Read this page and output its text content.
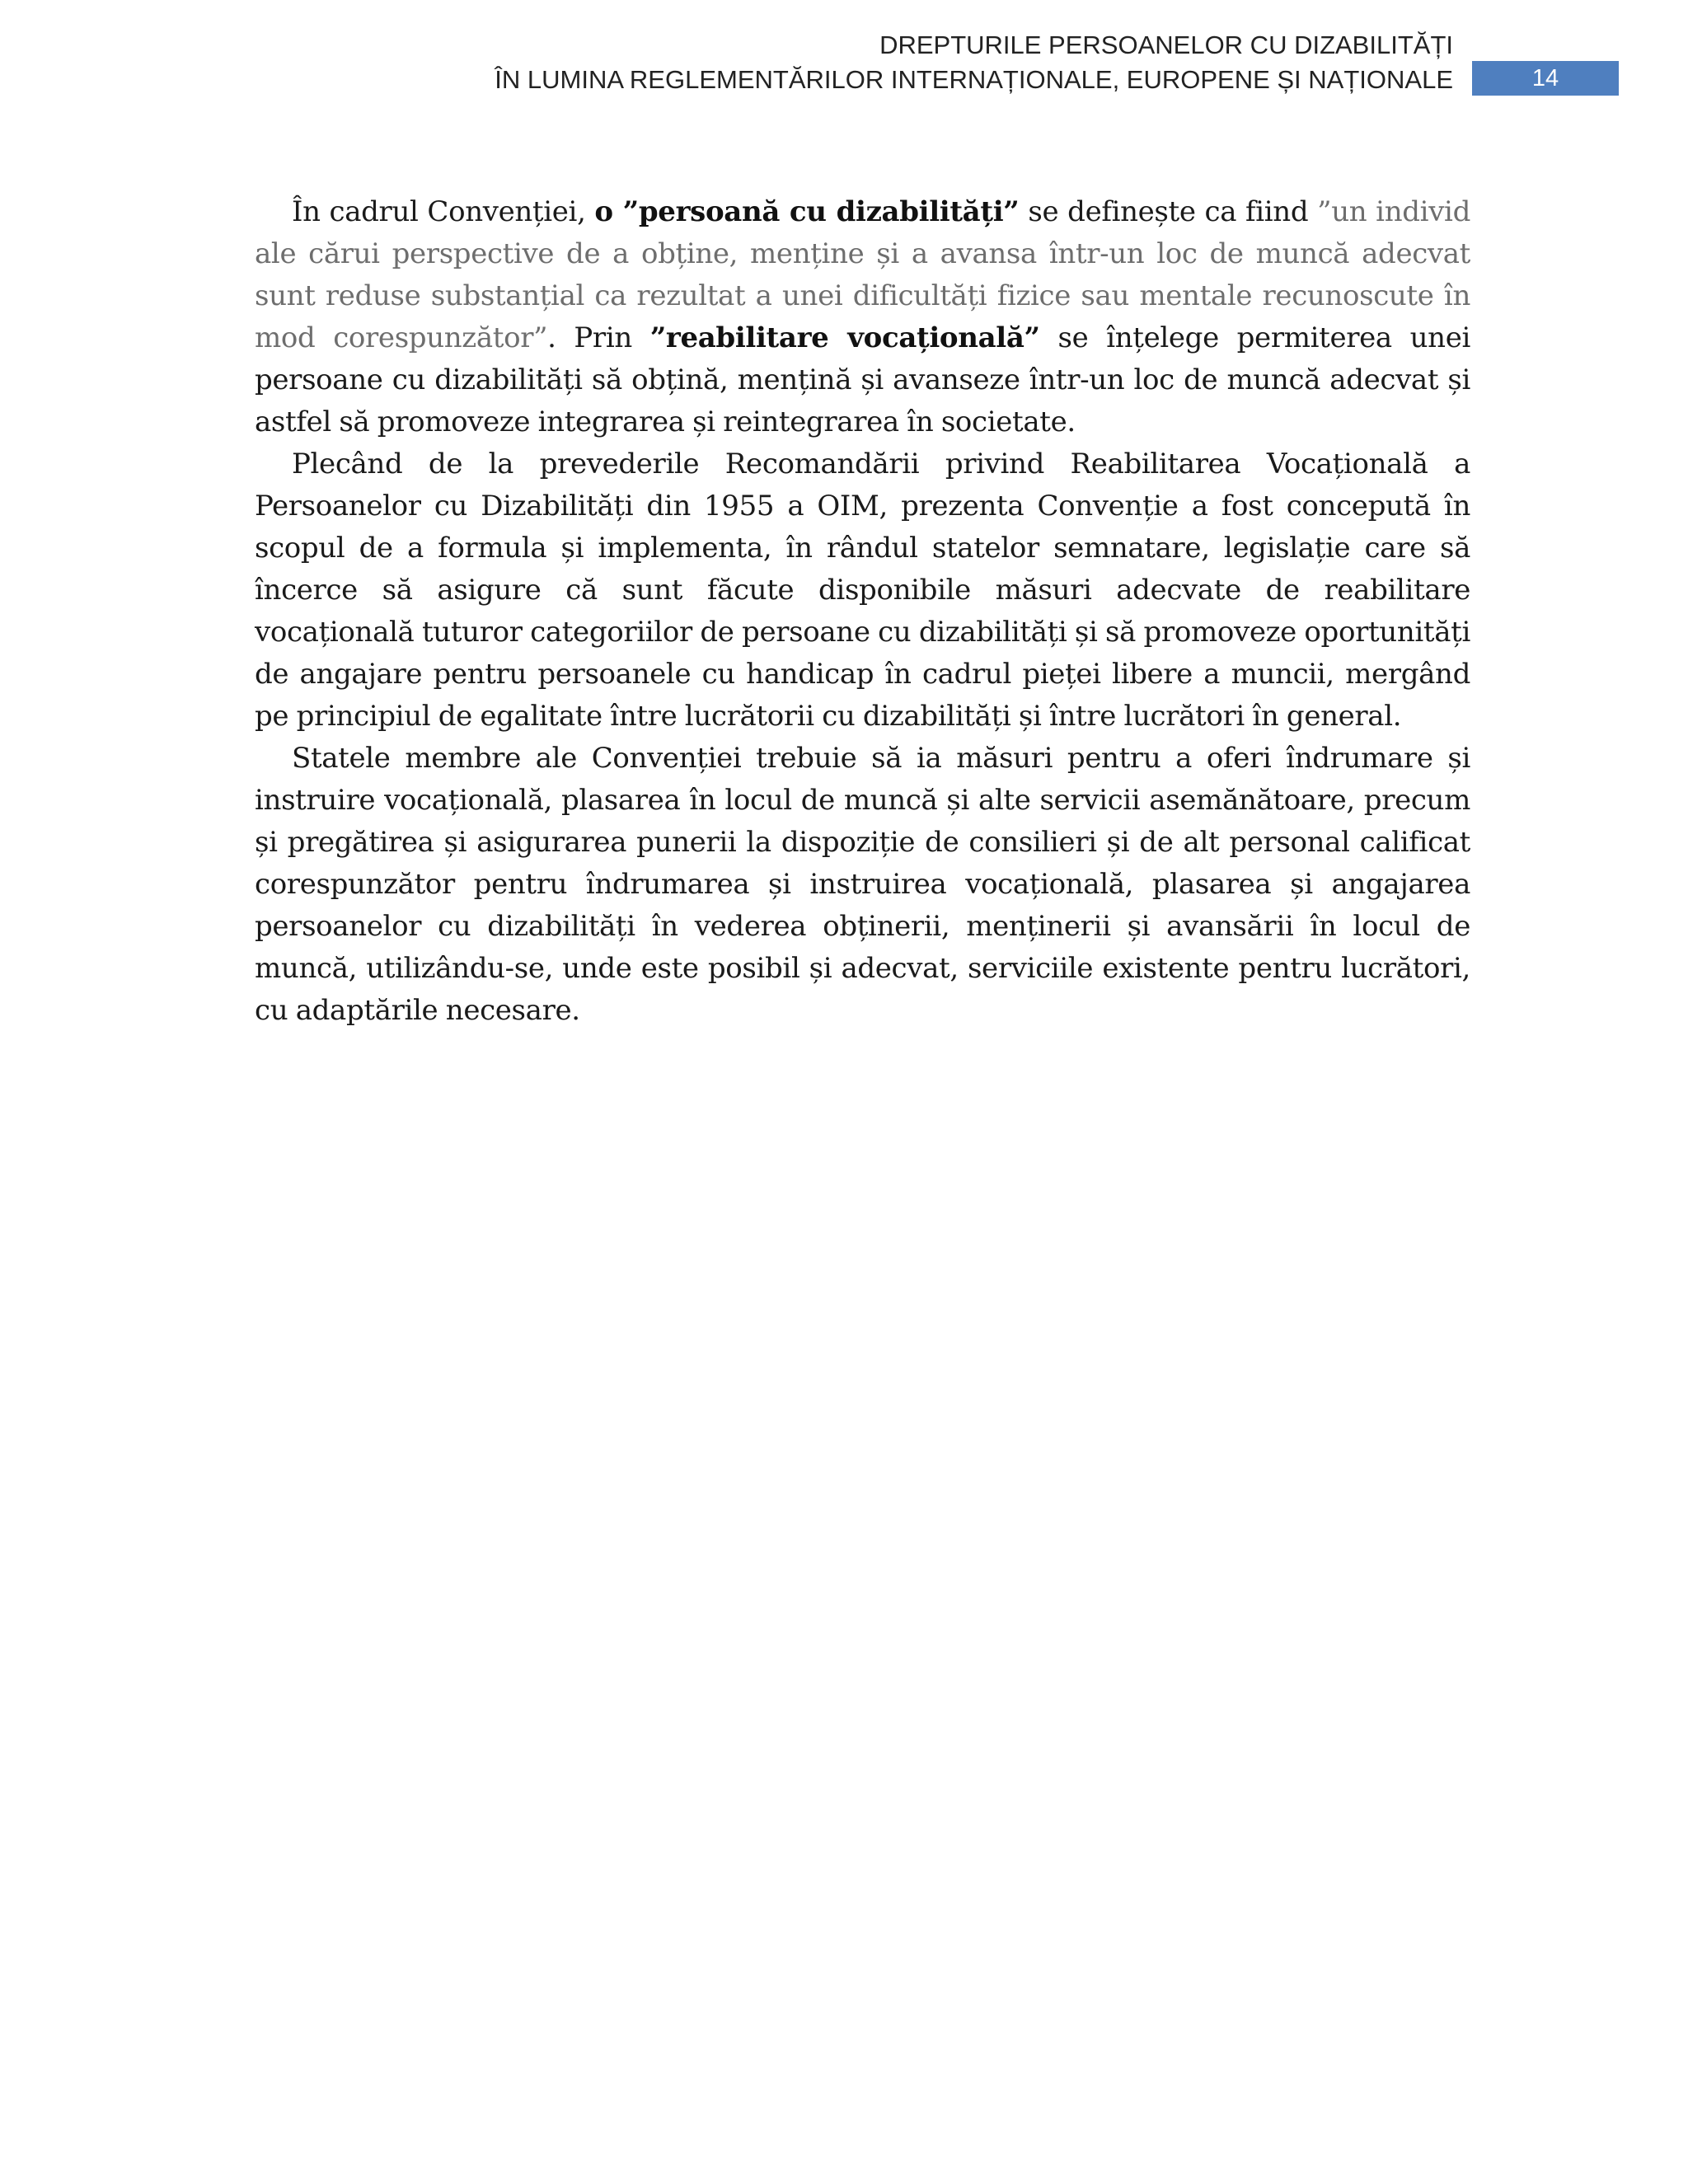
DREPTURILE PERSOANELOR CU DIZABILITĂȚI
ÎN LUMINA REGLEMENTĂRILOR INTERNAȚIONALE, EUROPENE ȘI NAȚIONALE	14

În cadrul Convenției, o ”persoană cu dizabilități” se definește ca fiind ”un individ ale cărui perspective de a obține, menține și a avansa într-un loc de muncă adecvat sunt reduse substanțial ca rezultat a unei dificultăți fizice sau mentale recunoscute în mod corespunzător”. Prin ”reabilitare vocațională” se înțelege permiterea unei persoane cu dizabilități să obțină, mențină și avanseze într-un loc de muncă adecvat și astfel să promoveze integrarea și reintegrarea în societate.

Plecând de la prevederile Recomandării privind Reabilitarea Vocațională a Persoanelor cu Dizabilități din 1955 a OIM, prezenta Convenție a fost concepută în scopul de a formula și implementa, în rândul statelor semnatare, legislație care să încerce să asigure că sunt făcute disponibile măsuri adecvate de reabilitare vocațională tuturor categoriilor de persoane cu dizabilități și să promoveze oportunități de angajare pentru persoanele cu handicap în cadrul pieței libere a muncii, mergând pe principiul de egalitate între lucrătorii cu dizabilități și între lucrători în general.

Statele membre ale Convenției trebuie să ia măsuri pentru a oferi îndrumare și instruire vocațională, plasarea în locul de muncă și alte servicii asemănătoare, precum și pregătirea și asigurarea punerii la dispoziție de consilieri și de alt personal calificat corespunzător pentru îndrumarea și instruirea vocațională, plasarea și angajarea persoanelor cu dizabilități în vederea obținerii, menținerii și avansării în locul de muncă, utilizându-se, unde este posibil și adecvat, serviciile existente pentru lucrători, cu adaptările necesare.
